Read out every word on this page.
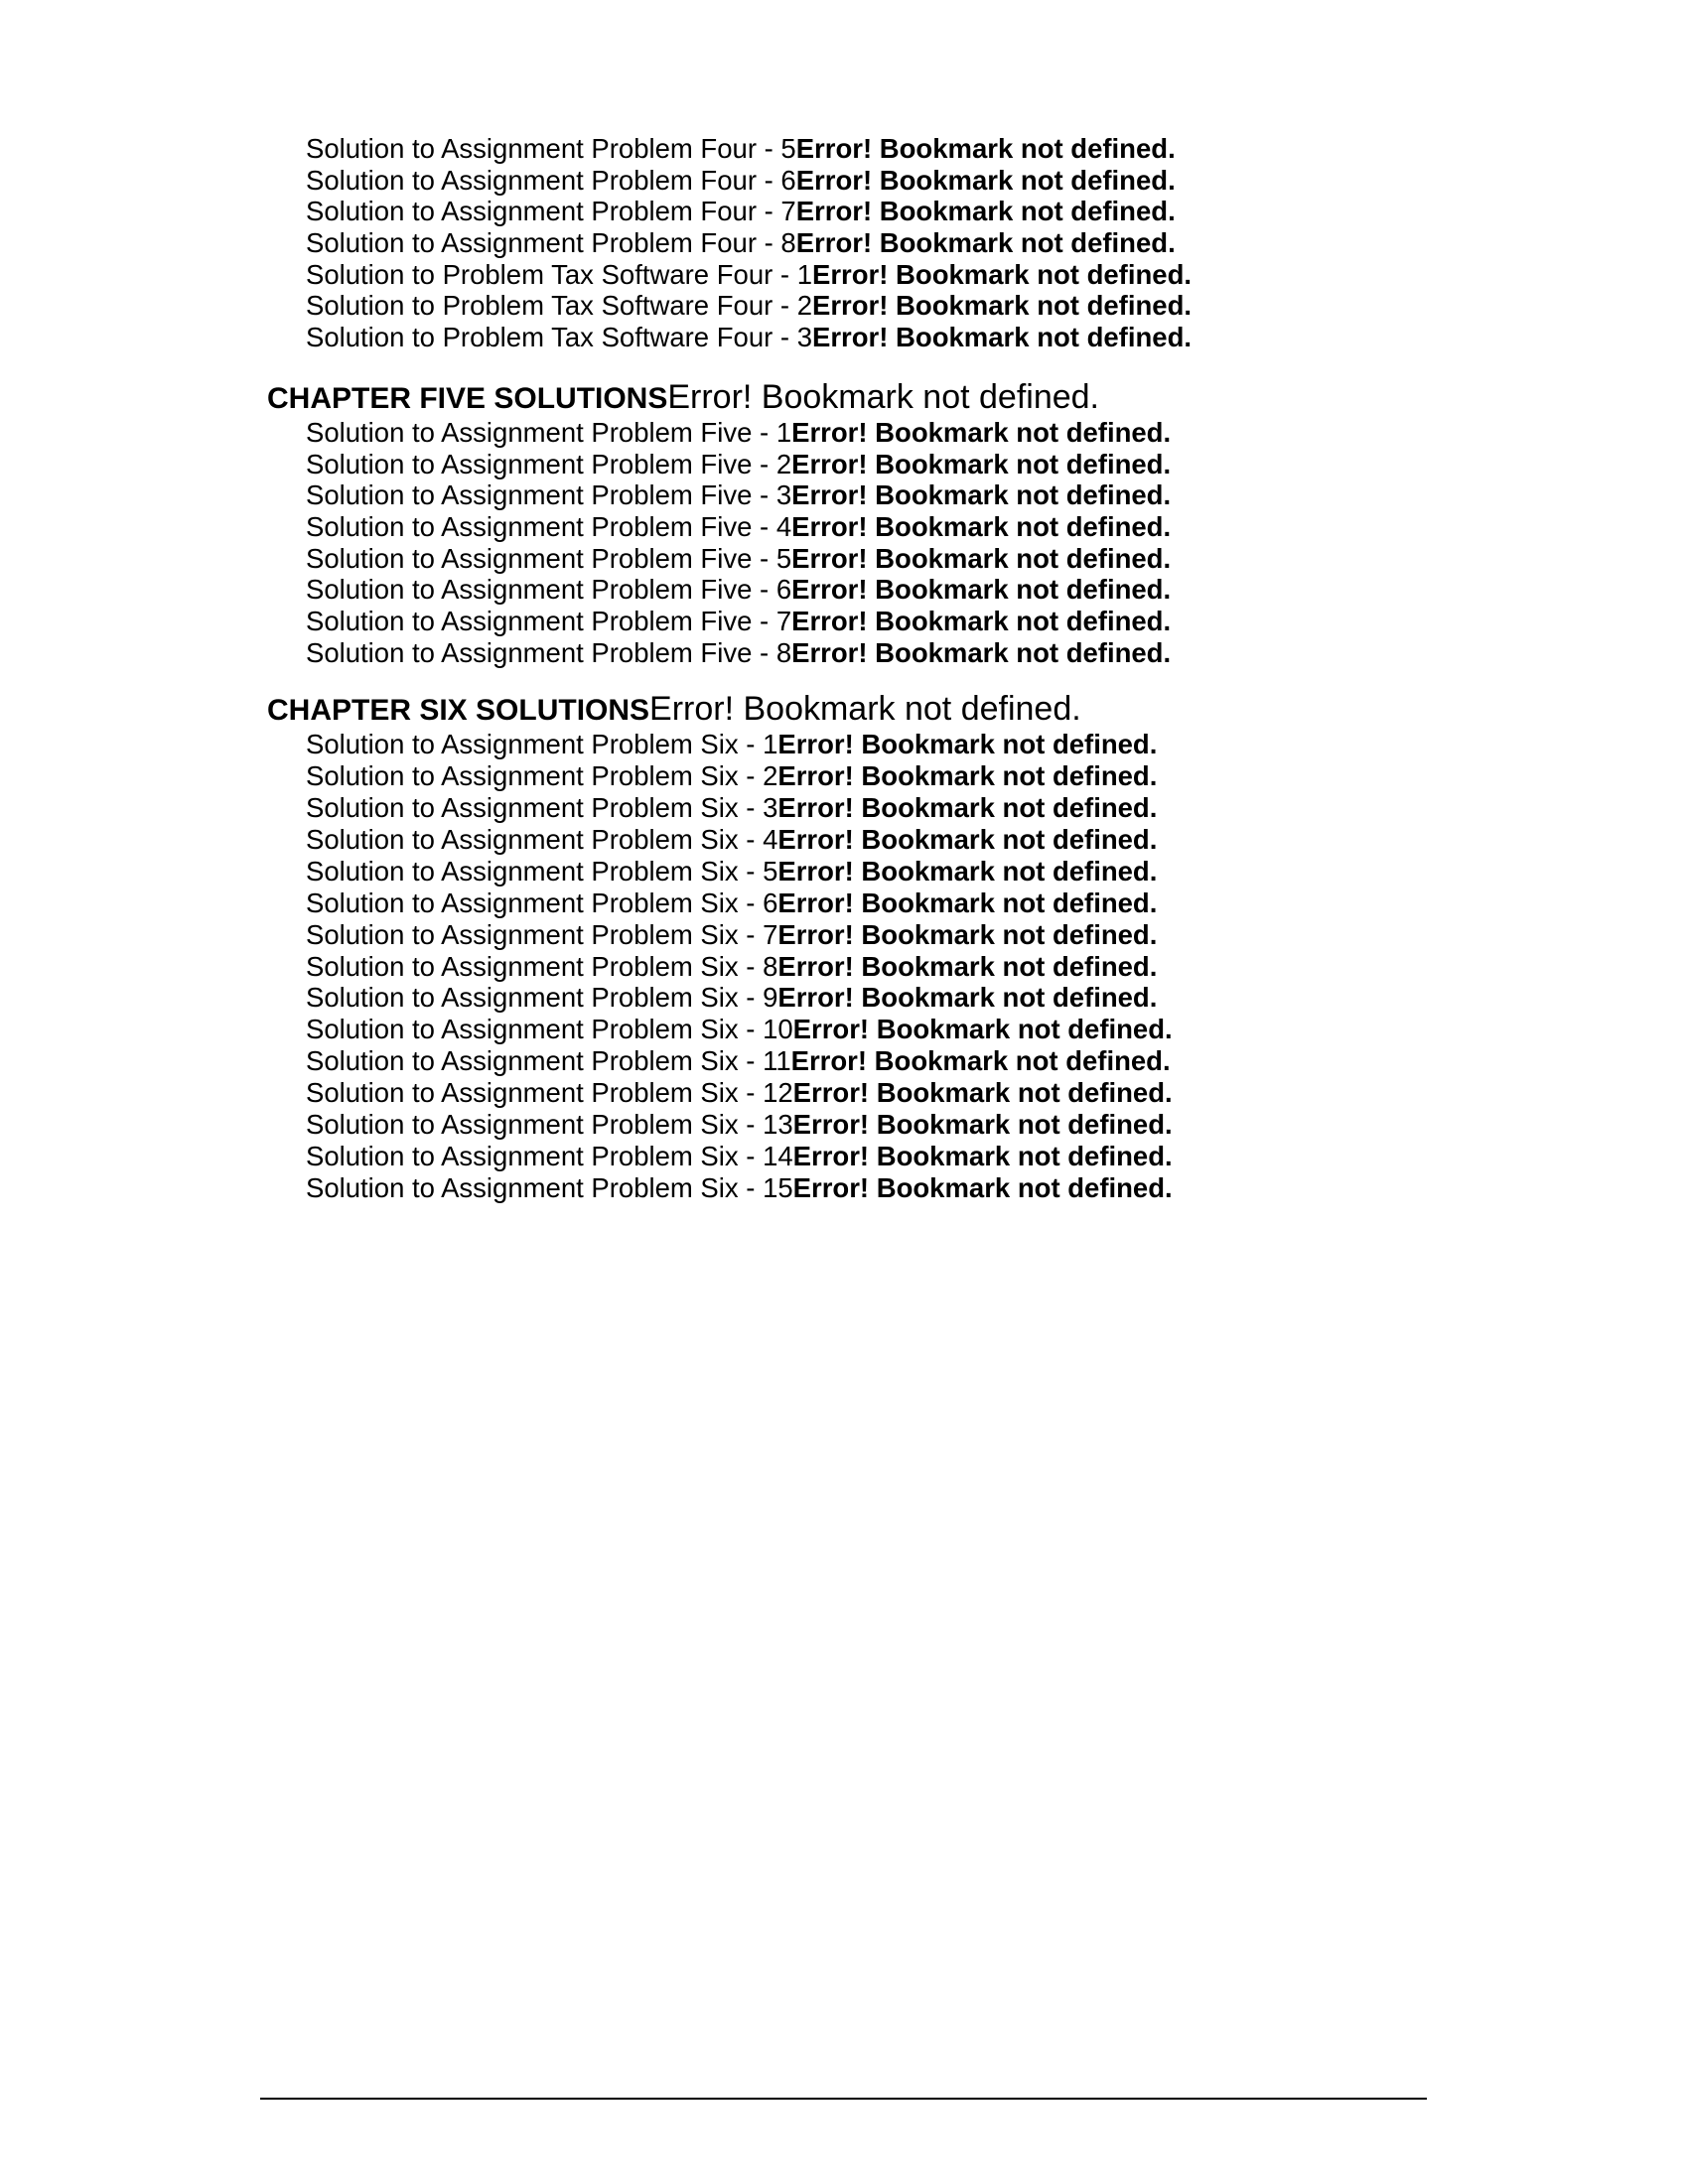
Solution to Assignment Problem Four - 5Error! Bookmark not defined.
Solution to Assignment Problem Four - 6Error! Bookmark not defined.
Solution to Assignment Problem Four - 7Error! Bookmark not defined.
Solution to Assignment Problem Four - 8Error! Bookmark not defined.
Solution to Problem Tax Software Four - 1Error! Bookmark not defined.
Solution to Problem Tax Software Four - 2Error! Bookmark not defined.
Solution to Problem Tax Software Four - 3Error! Bookmark not defined.
CHAPTER FIVE SOLUTIONSError! Bookmark not defined.
Solution to Assignment Problem Five - 1Error! Bookmark not defined.
Solution to Assignment Problem Five - 2Error! Bookmark not defined.
Solution to Assignment Problem Five - 3Error! Bookmark not defined.
Solution to Assignment Problem Five - 4Error! Bookmark not defined.
Solution to Assignment Problem Five - 5Error! Bookmark not defined.
Solution to Assignment Problem Five - 6Error! Bookmark not defined.
Solution to Assignment Problem Five - 7Error! Bookmark not defined.
Solution to Assignment Problem Five - 8Error! Bookmark not defined.
CHAPTER SIX SOLUTIONSError! Bookmark not defined.
Solution to Assignment Problem Six - 1Error! Bookmark not defined.
Solution to Assignment Problem Six - 2Error! Bookmark not defined.
Solution to Assignment Problem Six - 3Error! Bookmark not defined.
Solution to Assignment Problem Six - 4Error! Bookmark not defined.
Solution to Assignment Problem Six - 5Error! Bookmark not defined.
Solution to Assignment Problem Six - 6Error! Bookmark not defined.
Solution to Assignment Problem Six - 7Error! Bookmark not defined.
Solution to Assignment Problem Six - 8Error! Bookmark not defined.
Solution to Assignment Problem Six - 9Error! Bookmark not defined.
Solution to Assignment Problem Six - 10Error! Bookmark not defined.
Solution to Assignment Problem Six - 11Error! Bookmark not defined.
Solution to Assignment Problem Six - 12Error! Bookmark not defined.
Solution to Assignment Problem Six - 13Error! Bookmark not defined.
Solution to Assignment Problem Six - 14Error! Bookmark not defined.
Solution to Assignment Problem Six - 15Error! Bookmark not defined.
